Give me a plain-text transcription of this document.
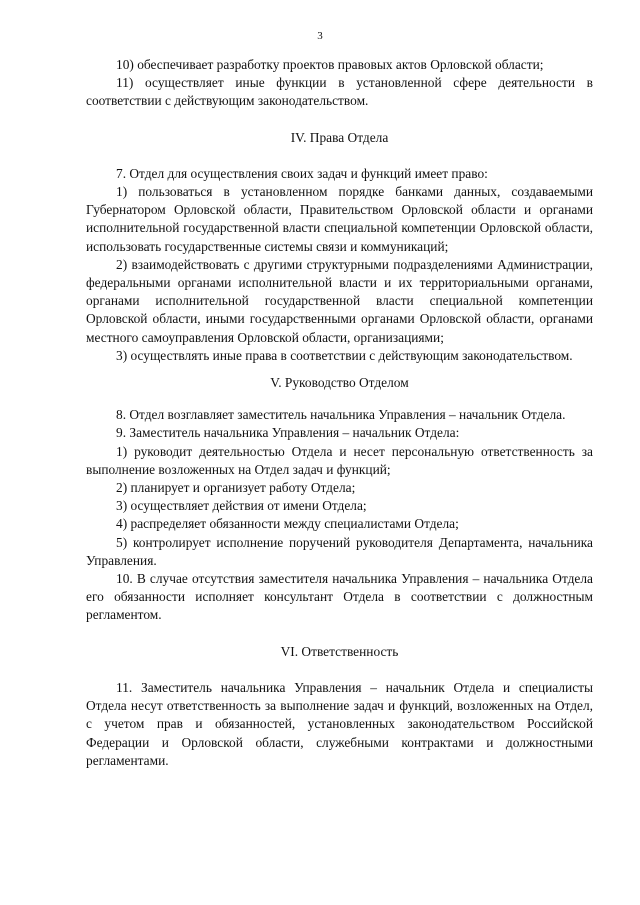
3

10) обеспечивает разработку проектов правовых актов Орловской области;

11) осуществляет иные функции в установленной сфере деятельности в соответствии с действующим законодательством.

IV. Права Отдела

7. Отдел для осуществления своих задач и функций имеет право:

1) пользоваться в установленном порядке банками данных, создаваемыми Губернатором Орловской области, Правительством Орловской области и органами исполнительной государственной власти специальной компетенции Орловской области, использовать государственные системы связи и коммуникаций;

2) взаимодействовать с другими структурными подразделениями Администрации, федеральными органами исполнительной власти и их территориальными органами, органами исполнительной государственной власти специальной компетенции Орловской области, иными государственными органами Орловской области, органами местного самоуправления Орловской области, организациями;

3) осуществлять иные права в соответствии с действующим законодательством.

V. Руководство Отделом

8. Отдел возглавляет заместитель начальника Управления – начальник Отдела.

9. Заместитель начальника Управления – начальник Отдела:

1) руководит деятельностью Отдела и несет персональную ответственность за выполнение возложенных на Отдел задач и функций;

2) планирует и организует работу Отдела;

3) осуществляет действия от имени Отдела;

4) распределяет обязанности между специалистами Отдела;

5) контролирует исполнение поручений руководителя Департамента, начальника Управления.

10. В случае отсутствия заместителя начальника Управления – начальника Отдела его обязанности исполняет консультант Отдела в соответствии с должностным регламентом.

VI. Ответственность

11. Заместитель начальника Управления – начальник Отдела и специалисты Отдела несут ответственность за выполнение задач и функций, возложенных на Отдел, с учетом прав и обязанностей, установленных законодательством Российской Федерации и Орловской области, служебными контрактами и должностными регламентами.
